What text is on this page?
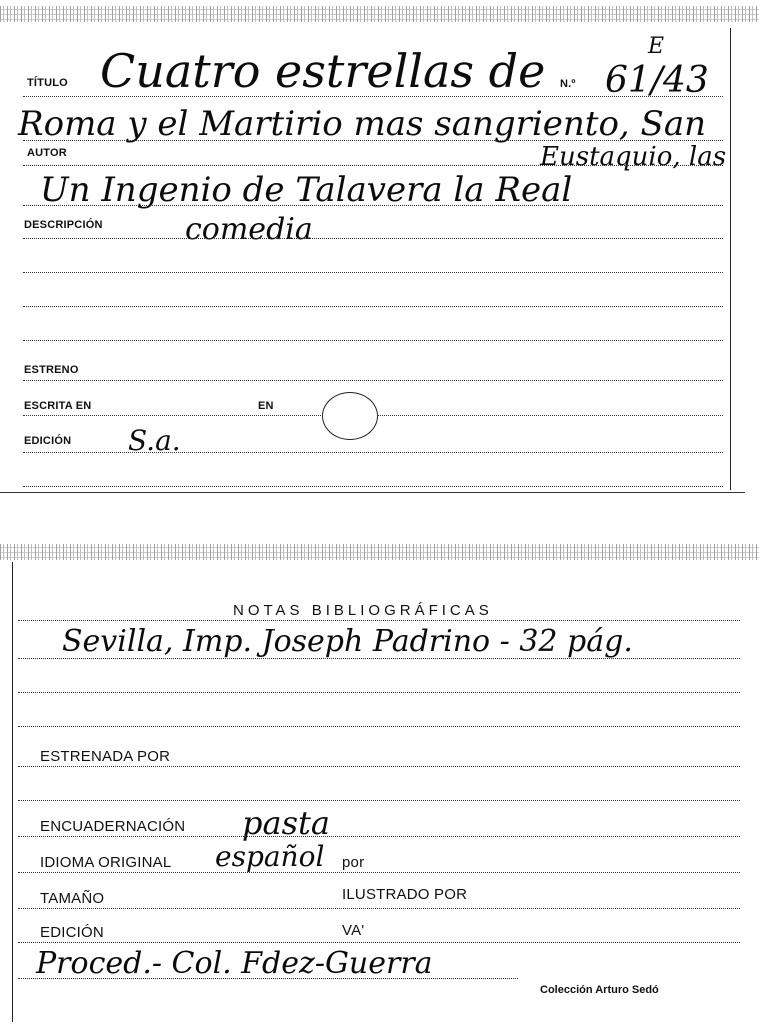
TÍTULO Cuatro estrellas de N.º
E
61/43
Roma y el Martirio mas sangriento, San
AUTOR	Eustaquio, las
Un Ingenio de Talavera la Real
DESCRIPCIÓN	comedia
ESTRENO
ESCRITA EN	EN
EDICIÓN S.a.
NOTAS BIBLIOGRÁFICAS
Sevilla, Imp. Joseph Padrino - 32 pág.
ESTRENADA POR
ENCUADERNACIÓN pasta
IDIOMA ORIGINAL español por
TAMAÑO	ILUSTRADO POR
EDICIÓN	VA'
Proced.- Col. Fdez-Guerra
Colección Arturo Sedó
